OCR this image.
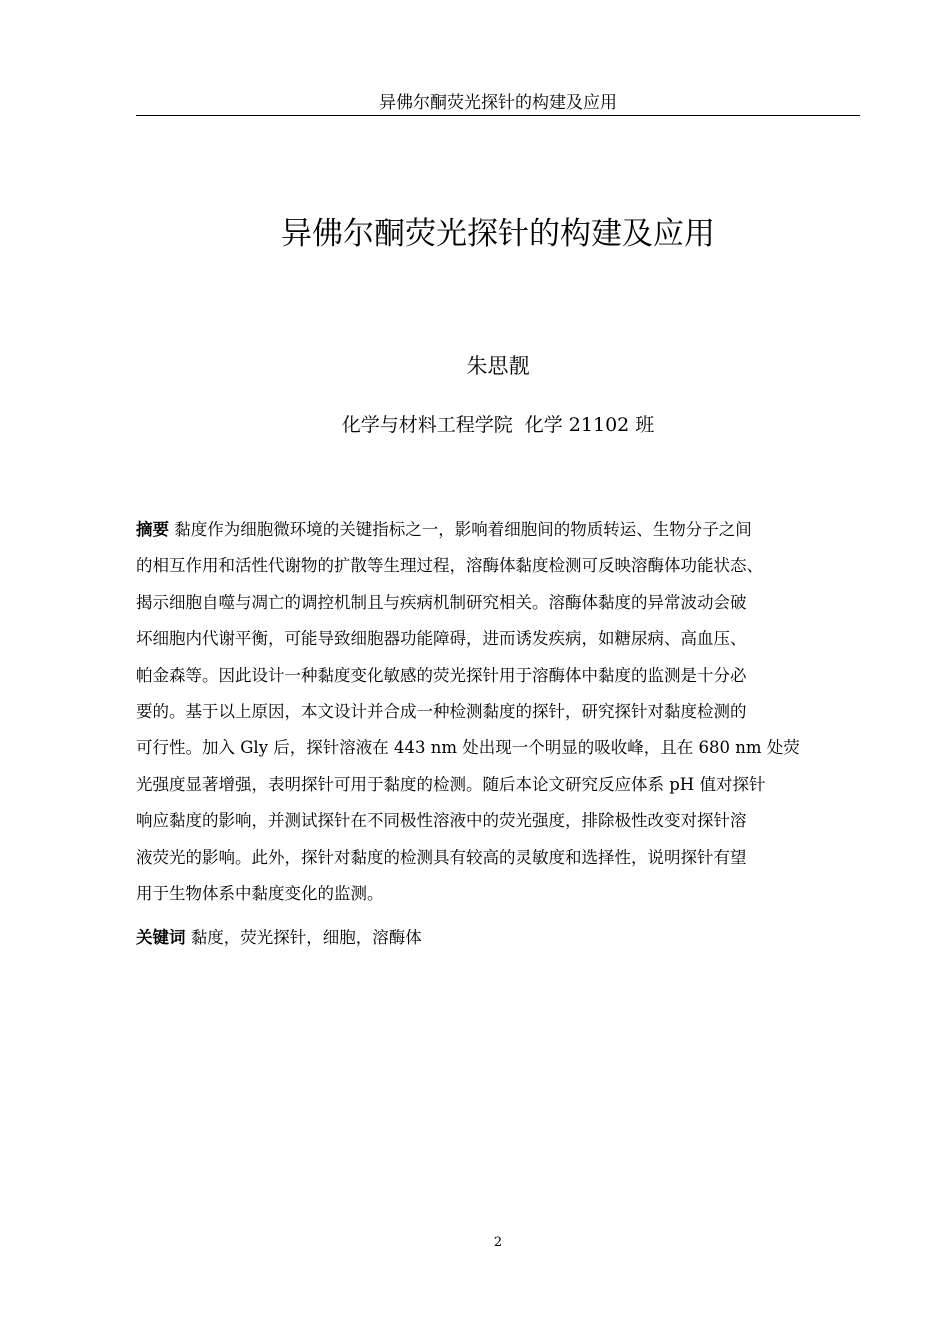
异佛尔酮荧光探针的构建及应用
异佛尔酮荧光探针的构建及应用
朱思靓
化学与材料工程学院  化学 21102 班
摘要 黏度作为细胞微环境的关键指标之一，影响着细胞间的物质转运、生物分子之间
的相互作用和活性代谢物的扩散等生理过程，溶酶体黏度检测可反映溶酶体功能状态、
揭示细胞自噬与凋亡的调控机制且与疾病机制研究相关。溶酶体黏度的异常波动会破
坏细胞内代谢平衡，可能导致细胞器功能障碍，进而诱发疾病，如糖尿病、高血压、
帕金森等。因此设计一种黏度变化敏感的荧光探针用于溶酶体中黏度的监测是十分必
要的。基于以上原因，本文设计并合成一种检测黏度的探针，研究探针对黏度检测的
可行性。加入 Gly 后，探针溶液在 443 nm 处出现一个明显的吸收峰，且在 680 nm 处荧
光强度显著增强，表明探针可用于黏度的检测。随后本论文研究反应体系 pH 值对探针
响应黏度的影响，并测试探针在不同极性溶液中的荧光强度，排除极性改变对探针溶
液荧光的影响。此外，探针对黏度的检测具有较高的灵敏度和选择性，说明探针有望
用于生物体系中黏度变化的监测。
关键词 黏度，荧光探针，细胞，溶酶体
2
